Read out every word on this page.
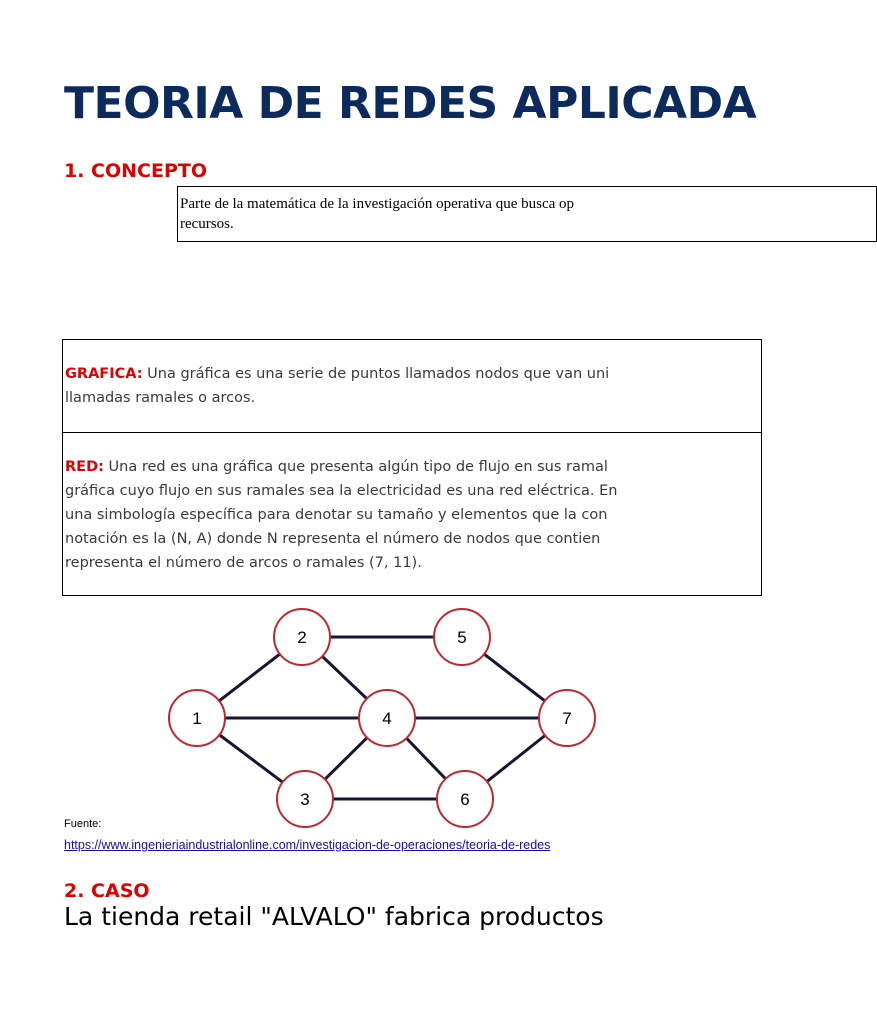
TEORIA DE REDES APLICADA
1. CONCEPTO
Parte de la matemática de la investigación operativa que busca op
recursos.
GRAFICA: Una gráfica es una serie de puntos llamados nodos que van uni
llamadas ramales o arcos.
RED: Una red es una gráfica que presenta algún tipo de flujo en sus ramal
gráfica cuyo flujo en sus ramales sea la electricidad es una red eléctrica. En
una simbología específica para denotar su tamaño y elementos que la con
notación es la (N, A) donde N representa el número de nodos que contien
representa el número de arcos o ramales (7, 11).
1
2
3
4
5
6
7
Fuente:
https://www.ingenieriaindustrialonline.com/investigacion-de-operaciones/teoria-de-redes
2. CASO
La tienda retail "ALVALO" fabrica productos
